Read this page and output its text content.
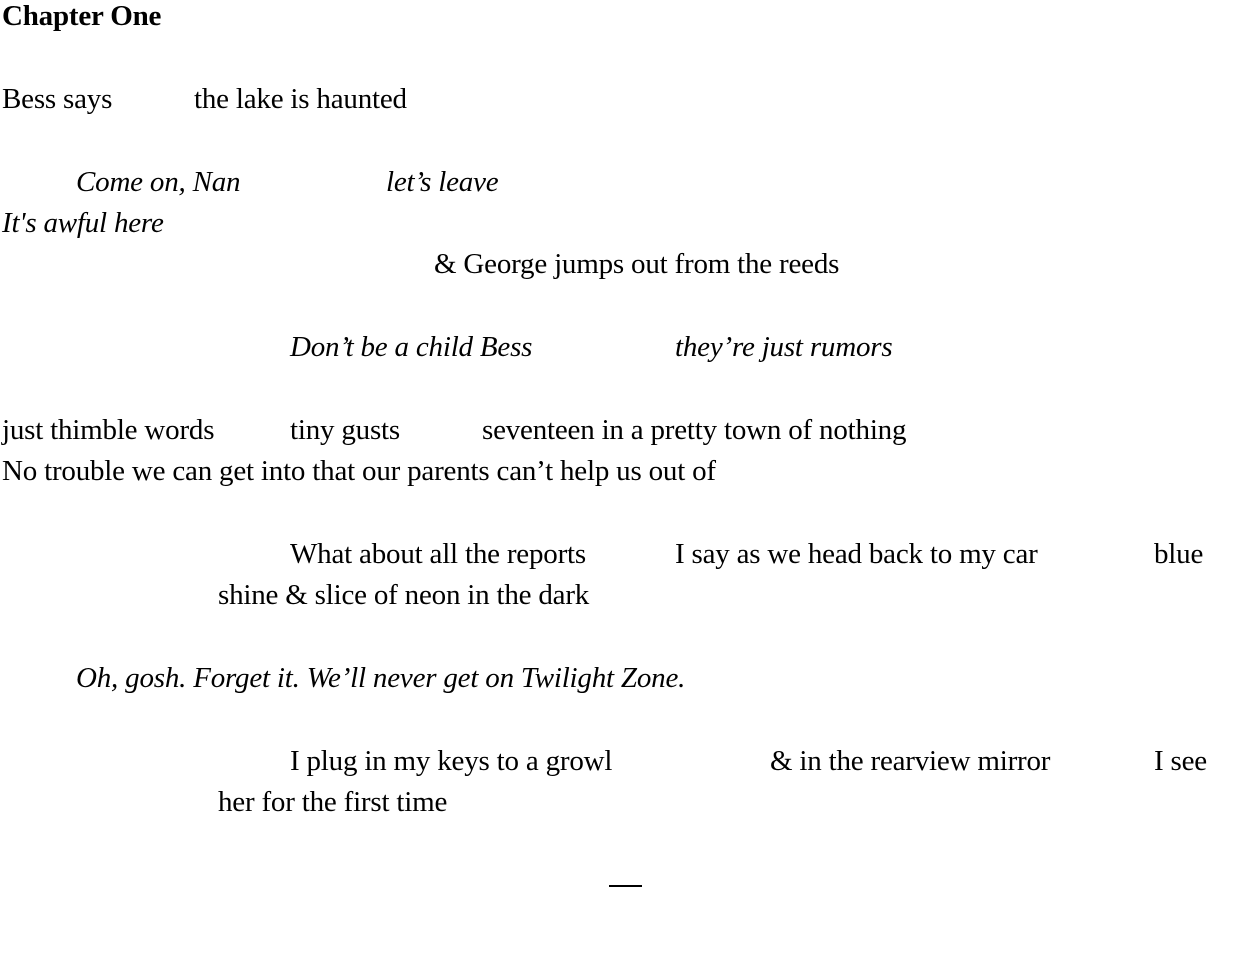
Chapter One
Bess says	the lake is haunted
Come on, Nan	let’s leave
It's awful here
& George jumps out from the reeds
Don’t be a child Bess	they’re just rumors
just thimble words	tiny gusts	seventeen in a pretty town of nothing
No trouble we can get into that our parents can’t help us out of
What about all the reports	I say as we head back to my car	blue
shine & slice of neon in the dark
Oh, gosh. Forget it. We’ll never get on Twilight Zone.
I plug in my keys to a growl	& in the rearview mirror	I see
her for the first time
